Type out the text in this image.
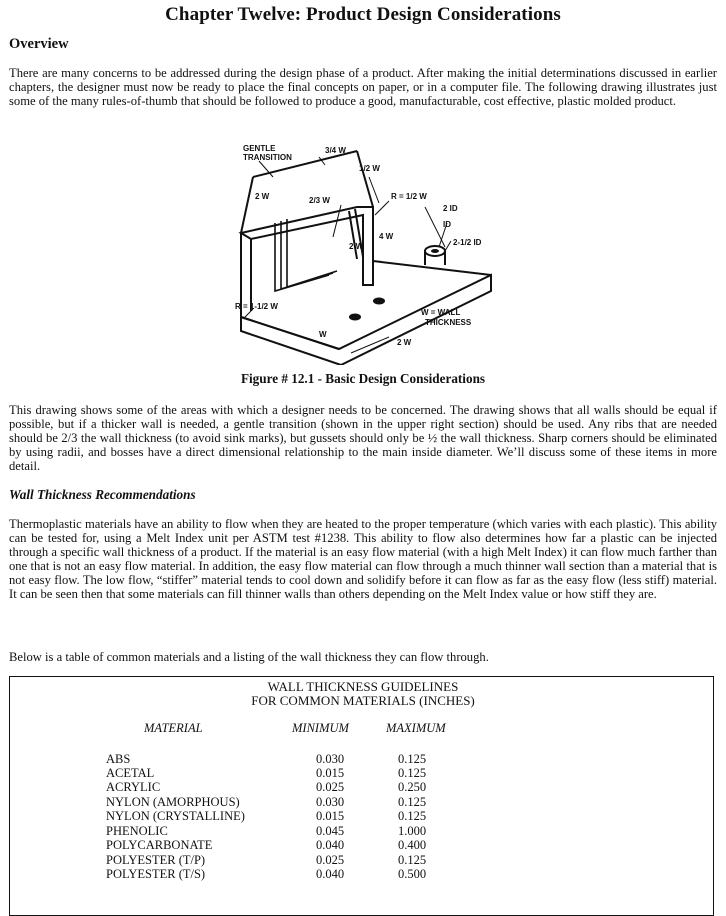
Chapter Twelve: Product Design Considerations
Overview

There are many concerns to be addressed during the design phase of a product. After making the initial determinations discussed in earlier chapters, the designer must now be ready to place the final concepts on paper, or in a computer file. The following drawing illustrates just some of the many rules-of-thumb that should be followed to produce a good, manufacturable, cost effective, plastic molded product.

GENTLE
TRANSITION
3/4 W
2 W	2/3 W
1/2 W
R = 1/2 W
2 ID
ID
2-1/2 ID
2 W
4 W
R = 1-1/2 W
W = WALL
THICKNESS
W
2 W

Figure # 12.1 - Basic Design Considerations

This drawing shows some of the areas with which a designer needs to be concerned. The drawing shows that all walls should be equal if possible, but if a thicker wall is needed, a gentle transition (shown in the upper right section) should be used. Any ribs that are needed should be 2/3 the wall thickness (to avoid sink marks), but gussets should only be ½ the wall thickness. Sharp corners should be eliminated by using radii, and bosses have a direct dimensional relationship to the main inside diameter. We’ll discuss some of these items in more detail.

Wall Thickness Recommendations

Thermoplastic materials have an ability to flow when they are heated to the proper temperature (which varies with each plastic). This ability can be tested for, using a Melt Index unit per ASTM test #1238. This ability to flow also determines how far a plastic can be injected through a specific wall thickness of a product. If the material is an easy flow material (with a high Melt Index) it can flow much farther than one that is not an easy flow material. In addition, the easy flow material can flow through a much thinner wall section than a material that is not easy flow. The low flow, “stiffer” material tends to cool down and solidify before it can flow as far as the easy flow (less stiff) material. It can be seen then that some materials can fill thinner walls than others depending on the Melt Index value or how stiff they are.

Below is a table of common materials and a listing of the wall thickness they can flow through.

WALL THICKNESS GUIDELINES
FOR COMMON MATERIALS (INCHES)
MATERIAL	MINIMUM	MAXIMUM
ABS	0.030	0.125
ACETAL	0.015	0.125
ACRYLIC	0.025	0.250
NYLON (AMORPHOUS)	0.030	0.125
NYLON (CRYSTALLINE)	0.015	0.125
PHENOLIC	0.045	1.000
POLYCARBONATE	0.040	0.400
POLYESTER (T/P)	0.025	0.125
POLYESTER (T/S)	0.040	0.500
